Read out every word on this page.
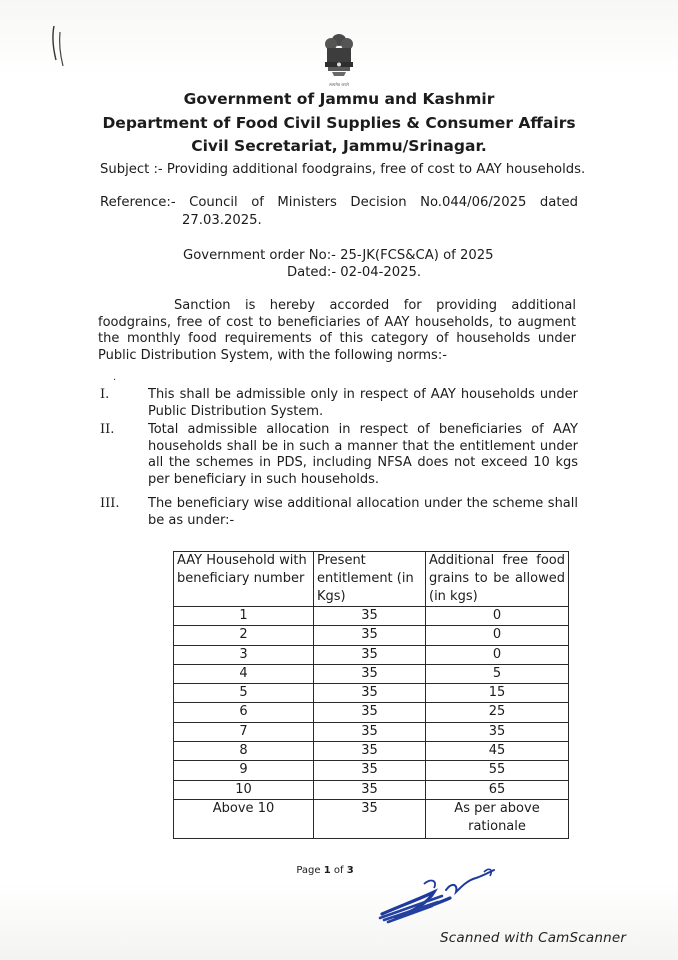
सत्यमेव जयते
Government of Jammu and Kashmir
Department of Food Civil Supplies & Consumer Affairs
Civil Secretariat, Jammu/Srinagar.
Subject :- Providing additional foodgrains, free of cost to AAY households.
Reference:- Council of Ministers Decision No.044/06/2025 dated
27.03.2025.
Government order No:- 25-JK(FCS&CA) of 2025
Dated:- 02-04-2025.
Sanction is hereby accorded for providing additional foodgrains, free of cost to beneficiaries of AAY households, to augment the monthly food requirements of this category of households under Public Distribution System, with the following norms:-
.
I.	This shall be admissible only in respect of AAY households under Public Distribution System.
II.	Total admissible allocation in respect of beneficiaries of AAY households shall be in such a manner that the entitlement under all the schemes in PDS, including NFSA does not exceed 10 kgs per beneficiary in such households.
III.	The beneficiary wise additional allocation under the scheme shall be as under:-
AAY Household with beneficiary number	Present entitlement (in Kgs)	Additional free food grains to be allowed (in kgs)
1	35	0
2	35	0
3	35	0
4	35	5
5	35	15
6	35	25
7	35	35
8	35	45
9	35	55
10	35	65
Above 10	35	As per above rationale
Page 1 of 3
Scanned with CamScanner
